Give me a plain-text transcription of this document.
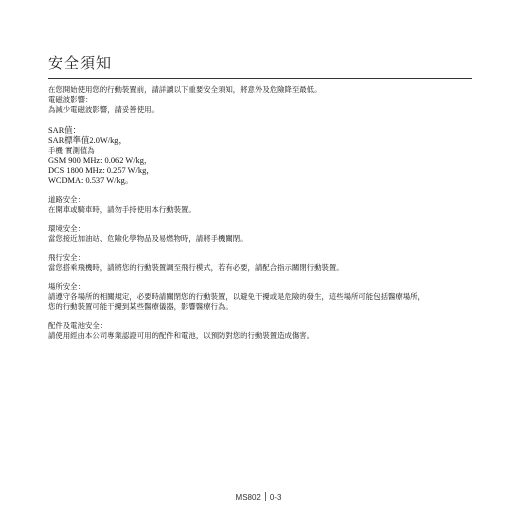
安全須知
在您開始使用您的行動裝置前，請詳讀以下重要安全須知，將意外及危險降至最低。
電磁波影響：
為減少電磁波影響，請妥善使用。
SAR值：
SAR標準值2.0W/kg，
手機 實測值為
GSM 900 MHz: 0.062 W/kg，
DCS 1800 MHz: 0.257 W/kg，
WCDMA: 0.537 W/kg。
道路安全：
在開車或騎車時，請勿手持使用本行動裝置。
環境安全：
當您接近加油站、危險化學物品及易燃物時，請將手機關閉。
飛行安全：
當您搭乘飛機時，請將您的行動裝置調至飛行模式，若有必要，請配合指示關閉行動裝置。
場所安全：
請遵守各場所的相關規定，必要時請關閉您的行動裝置，以避免干擾或是危險的發生，這些場所可能包括醫療場所，
您的行動裝置可能干擾到某些醫療儀器，影響醫療行為。
配件及電池安全：
請使用經由本公司專業認證可用的配件和電池，以預防對您的行動裝置造成傷害。
MS802 0-3
